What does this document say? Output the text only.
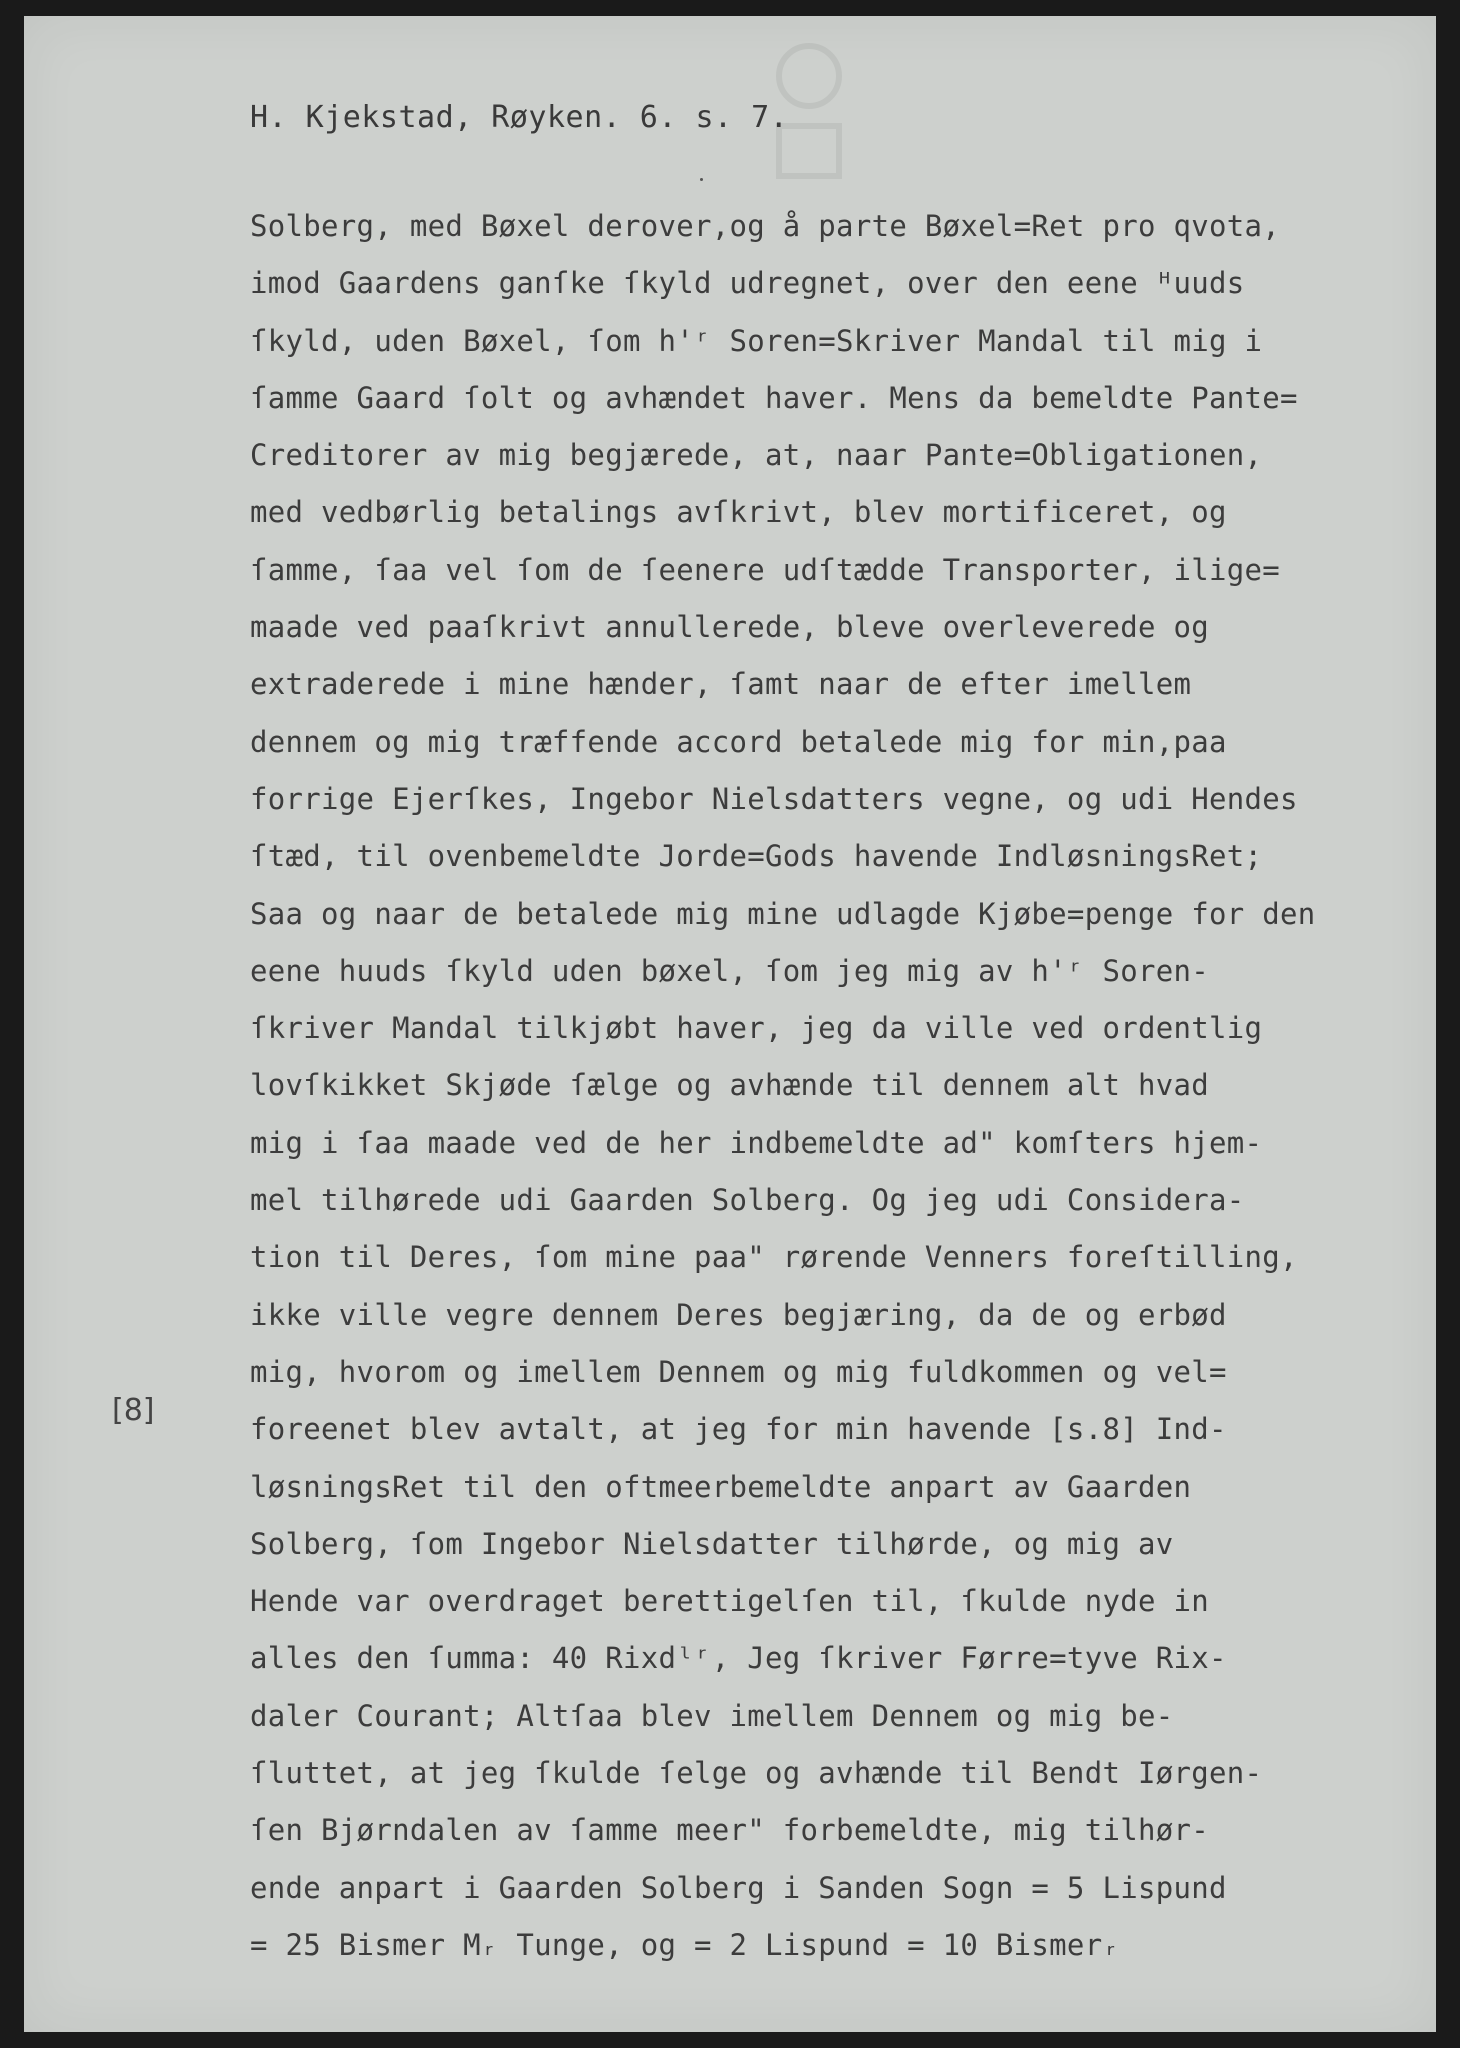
H. Kjekstad, Røyken. 6. s. 7.
[8]
Solberg, med Bøxel derover,og å parte Bøxel=Ret pro qvota,
imod Gaardens ganſke ſkyld udregnet, over den eene ᴴuuds
ſkyld, uden Bøxel, ſom h'ʳ Soren=Skriver Mandal til mig i
ſamme Gaard ſolt og avhændet haver. Mens da bemeldte Pante=
Creditorer av mig begjærede, at, naar Pante=Obligationen,
med vedbørlig betalings avſkrivt, blev mortificeret, og
ſamme, ſaa vel ſom de ſeenere udſtædde Transporter, ilige=
maade ved paaſkrivt annullerede, bleve overleverede og
extraderede i mine hænder, ſamt naar de efter imellem
dennem og mig træffende accord betalede mig for min,paa
forrige Ejerſkes, Ingebor Nielsdatters vegne, og udi Hendes
ſtæd, til ovenbemeldte Jorde=Gods havende IndløsningsRet;
Saa og naar de betalede mig mine udlagde Kjøbe=penge for den
eene huuds ſkyld uden bøxel, ſom jeg mig av h'ʳ Soren-
ſkriver Mandal tilkjøbt haver, jeg da ville ved ordentlig
lovſkikket Skjøde ſælge og avhænde til dennem alt hvad
mig i ſaa maade ved de her indbemeldte ad" komſters hjem-
mel tilhørede udi Gaarden Solberg. Og jeg udi Considera-
tion til Deres, ſom mine paa" rørende Venners foreſtilling,
ikke ville vegre dennem Deres begjæring, da de og erbød
mig, hvorom og imellem Dennem og mig fuldkommen og vel=
foreenet blev avtalt, at jeg for min havende [s.8] Ind-
løsningsRet til den oftmeerbemeldte anpart av Gaarden
Solberg, ſom Ingebor Nielsdatter tilhørde, og mig av
Hende var overdraget berettigelſen til, ſkulde nyde in
alles den ſumma: 40 Rixdˡʳ, Jeg ſkriver Førre=tyve Rix-
daler Courant; Altſaa blev imellem Dennem og mig be-
ſluttet, at jeg ſkulde ſelge og avhænde til Bendt Iørgen-
ſen Bjørndalen av ſamme meer" forbemeldte, mig tilhør-
ende anpart i Gaarden Solberg i Sanden Sogn = 5 Lispund
= 25 Bismer Mᵣ Tunge, og = 2 Lispund = 10 Bismerᵣ
